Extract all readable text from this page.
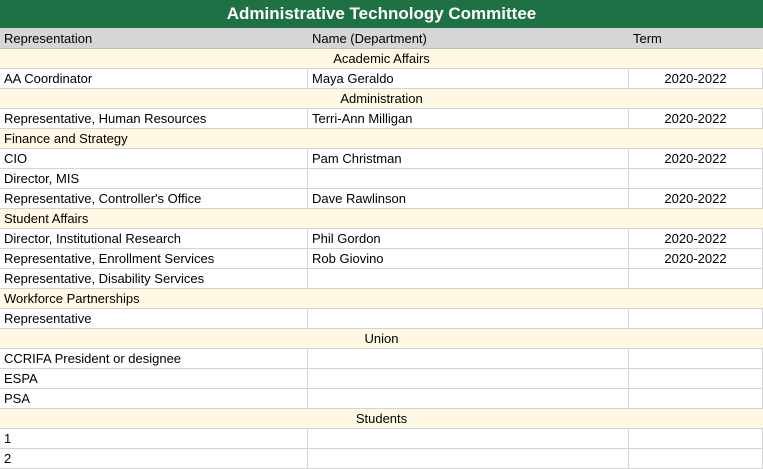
Administrative Technology Committee
Representation	Name (Department)	Term
Academic Affairs
AA Coordinator	Maya Geraldo	2020-2022
Administration
Representative, Human Resources	Terri-Ann Milligan	2020-2022
Finance and Strategy
CIO	Pam Christman	2020-2022
Director, MIS
Representative, Controller's Office	Dave Rawlinson	2020-2022
Student Affairs
Director, Institutional Research	Phil Gordon	2020-2022
Representative, Enrollment Services	Rob Giovino	2020-2022
Representative, Disability Services
Workforce Partnerships
Representative
Union
CCRIFA President or designee
ESPA
PSA
Students
1
2
